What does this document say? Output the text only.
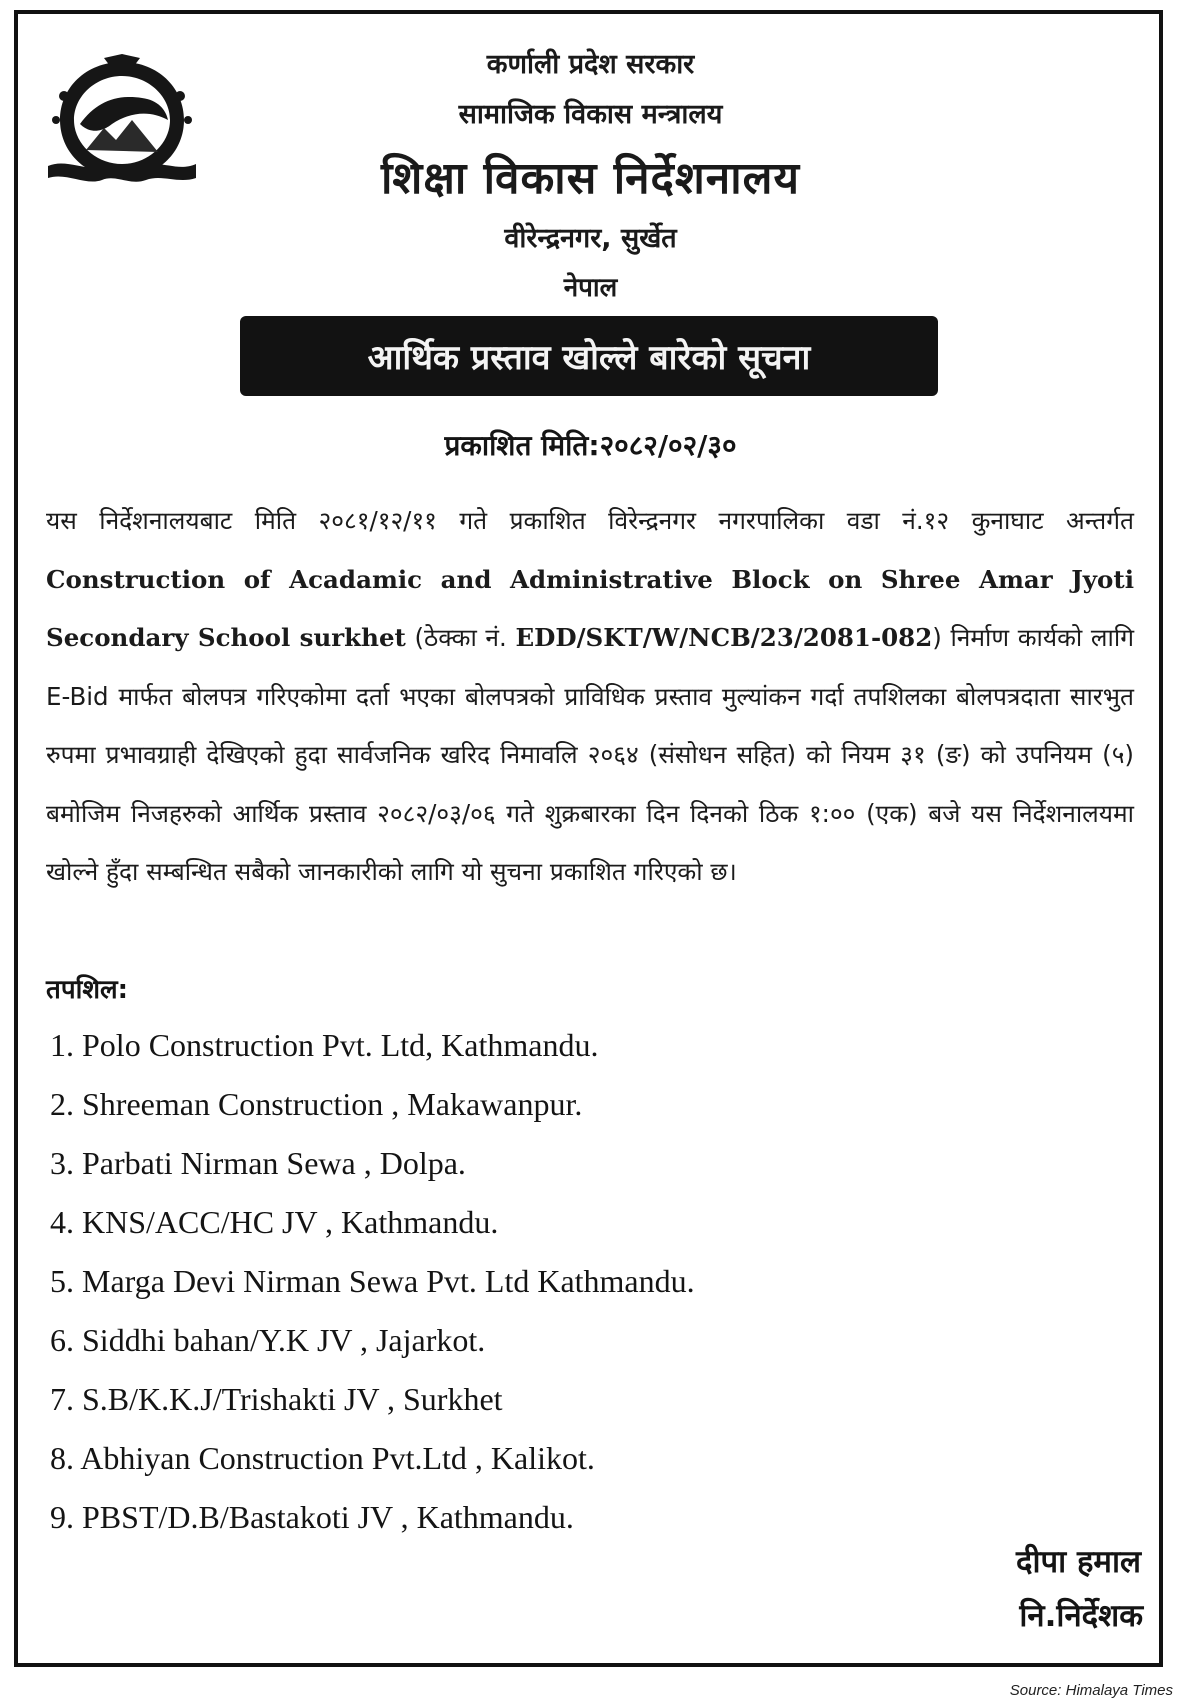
कर्णाली प्रदेश सरकार
सामाजिक विकास मन्त्रालय
शिक्षा विकास निर्देशनालय
वीरेन्द्रनगर, सुर्खेत
नेपाल
आर्थिक प्रस्ताव खोल्ले बारेको सूचना
प्रकाशित मिति:२०८२/०२/३०
यस निर्देशनालयबाट मिति २०८१/१२/११ गते प्रकाशित विरेन्द्रनगर नगरपालिका वडा नं.१२ कुनाघाट अन्तर्गत Construction of Acadamic and Administrative Block on Shree Amar Jyoti Secondary School surkhet (ठेक्का नं. EDD/SKT/W/NCB/23/2081-082) निर्माण कार्यको लागि E-Bid मार्फत बोलपत्र गरिएकोमा दर्ता भएका बोलपत्रको प्राविधिक प्रस्ताव मुल्यांकन गर्दा तपशिलका बोलपत्रदाता सारभुत रुपमा प्रभावग्राही देखिएको हुदा सार्वजनिक खरिद निमावलि २०६४ (संसोधन सहित) को नियम ३१ (ङ) को उपनियम (५) बमोजिम निजहरुको आर्थिक प्रस्ताव २०८२/०३/०६ गते शुक्रबारका दिन दिनको ठिक १:०० (एक) बजे यस निर्देशनालयमा खोल्ने हुँदा सम्बन्धित सबैको जानकारीको लागि यो सुचना प्रकाशित गरिएको छ।
तपशिल:
1. Polo Construction Pvt. Ltd, Kathmandu.
2. Shreeman Construction , Makawanpur.
3. Parbati Nirman Sewa , Dolpa.
4. KNS/ACC/HC JV , Kathmandu.
5. Marga Devi Nirman Sewa Pvt. Ltd Kathmandu.
6. Siddhi bahan/Y.K JV , Jajarkot.
7. S.B/K.K.J/Trishakti JV , Surkhet
8. Abhiyan Construction Pvt.Ltd , Kalikot.
9. PBST/D.B/Bastakoti JV , Kathmandu.
दीपा हमाल
नि.निर्देशक
Source: Himalaya Times
